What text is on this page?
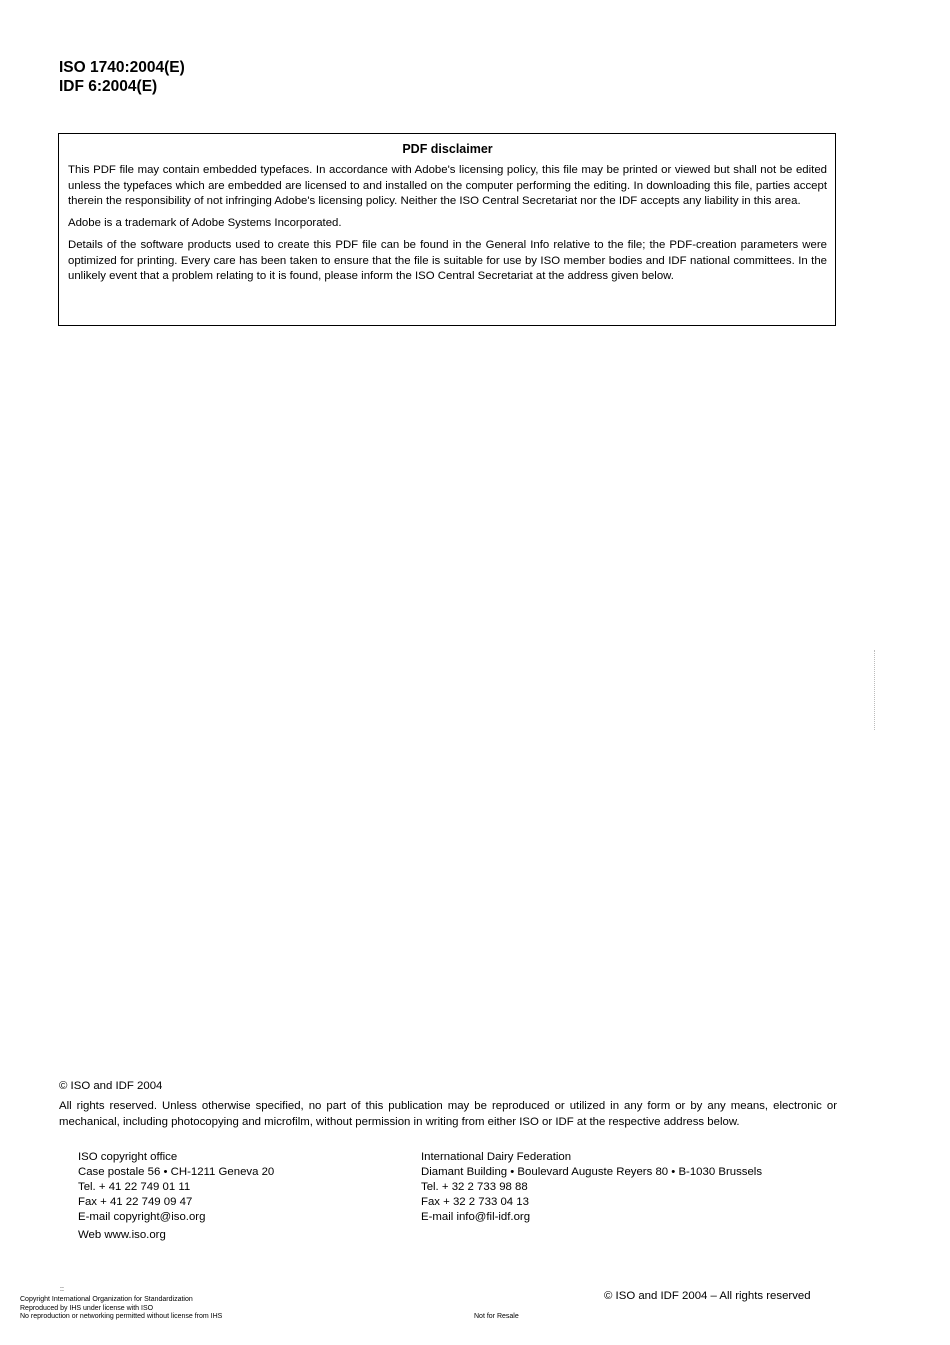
ISO 1740:2004(E)
IDF 6:2004(E)
PDF disclaimer

This PDF file may contain embedded typefaces. In accordance with Adobe's licensing policy, this file may be printed or viewed but shall not be edited unless the typefaces which are embedded are licensed to and installed on the computer performing the editing. In downloading this file, parties accept therein the responsibility of not infringing Adobe's licensing policy. Neither the ISO Central Secretariat nor the IDF accepts any liability in this area.

Adobe is a trademark of Adobe Systems Incorporated.

Details of the software products used to create this PDF file can be found in the General Info relative to the file; the PDF-creation parameters were optimized for printing. Every care has been taken to ensure that the file is suitable for use by ISO member bodies and IDF national committees. In the unlikely event that a problem relating to it is found, please inform the ISO Central Secretariat at the address given below.

© ISO and IDF 2004

All rights reserved. Unless otherwise specified, no part of this publication may be reproduced or utilized in any form or by any means, electronic or mechanical, including photocopying and microfilm, without permission in writing from either ISO or IDF at the respective address below.

ISO copyright office
Case postale 56 • CH-1211 Geneva 20
Tel. + 41 22 749 01 11
Fax + 41 22 749 09 47
E-mail copyright@iso.org
Web www.iso.org
International Dairy Federation
Diamant Building • Boulevard Auguste Reyers 80 • B-1030 Brussels
Tel. + 32 2 733 98 88
Fax + 32 2 733 04 13
E-mail info@fil-idf.org
::
Copyright International Organization for Standardization
Reproduced by IHS under license with ISO
No reproduction or networking permitted without license from IHS	Not for Resale
© ISO and IDF 2004 – All rights reserved
